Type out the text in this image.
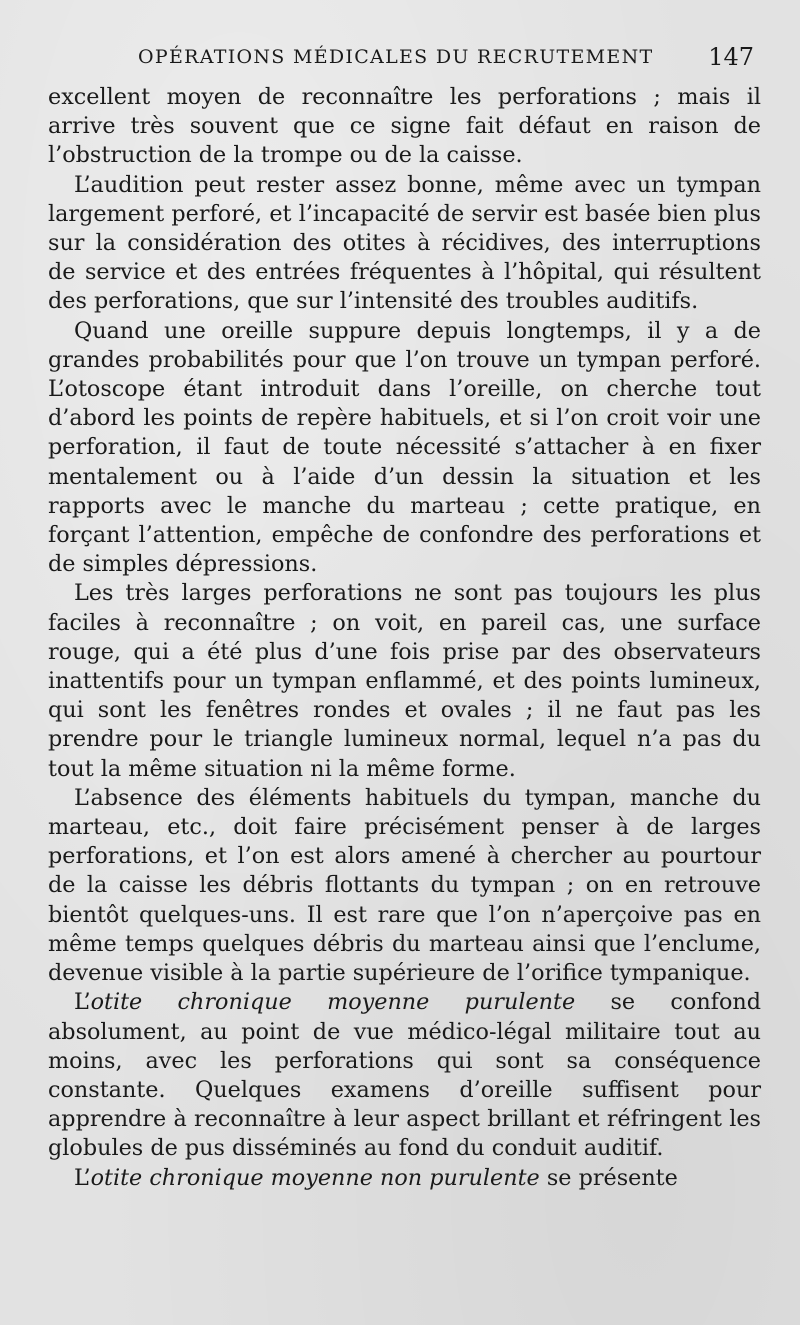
OPÉRATIONS MÉDICALES DU RECRUTEMENT 147

excellent moyen de reconnaître les perforations ; mais il arrive très souvent que ce signe fait défaut en raison de l’obstruction de la trompe ou de la caisse.

L’audition peut rester assez bonne, même avec un tympan largement perforé, et l’incapacité de servir est basée bien plus sur la considération des otites à récidives, des interruptions de service et des entrées fréquentes à l’hôpital, qui résultent des perforations, que sur l’intensité des troubles auditifs.

Quand une oreille suppure depuis longtemps, il y a de grandes probabilités pour que l’on trouve un tympan perforé. L’otoscope étant introduit dans l’oreille, on cherche tout d’abord les points de repère habituels, et si l’on croit voir une perforation, il faut de toute nécessité s’attacher à en fixer mentalement ou à l’aide d’un dessin la situation et les rapports avec le manche du marteau ; cette pratique, en forçant l’attention, empêche de confondre des perforations et de simples dépressions.

Les très larges perforations ne sont pas toujours les plus faciles à reconnaître ; on voit, en pareil cas, une surface rouge, qui a été plus d’une fois prise par des observateurs inattentifs pour un tympan enflammé, et des points lumineux, qui sont les fenêtres rondes et ovales ; il ne faut pas les prendre pour le triangle lumineux normal, lequel n’a pas du tout la même situation ni la même forme.

L’absence des éléments habituels du tympan, manche du marteau, etc., doit faire précisément penser à de larges perforations, et l’on est alors amené à chercher au pourtour de la caisse les débris flottants du tympan ; on en retrouve bientôt quelques-uns. Il est rare que l’on n’aperçoive pas en même temps quelques débris du marteau ainsi que l’enclume, devenue visible à la partie supérieure de l’orifice tympanique.

L’otite chronique moyenne purulente se confond absolument, au point de vue médico-légal militaire tout au moins, avec les perforations qui sont sa conséquence constante. Quelques examens d’oreille suffisent pour apprendre à reconnaître à leur aspect brillant et réfringent les globules de pus disséminés au fond du conduit auditif.

L’otite chronique moyenne non purulente se présente
